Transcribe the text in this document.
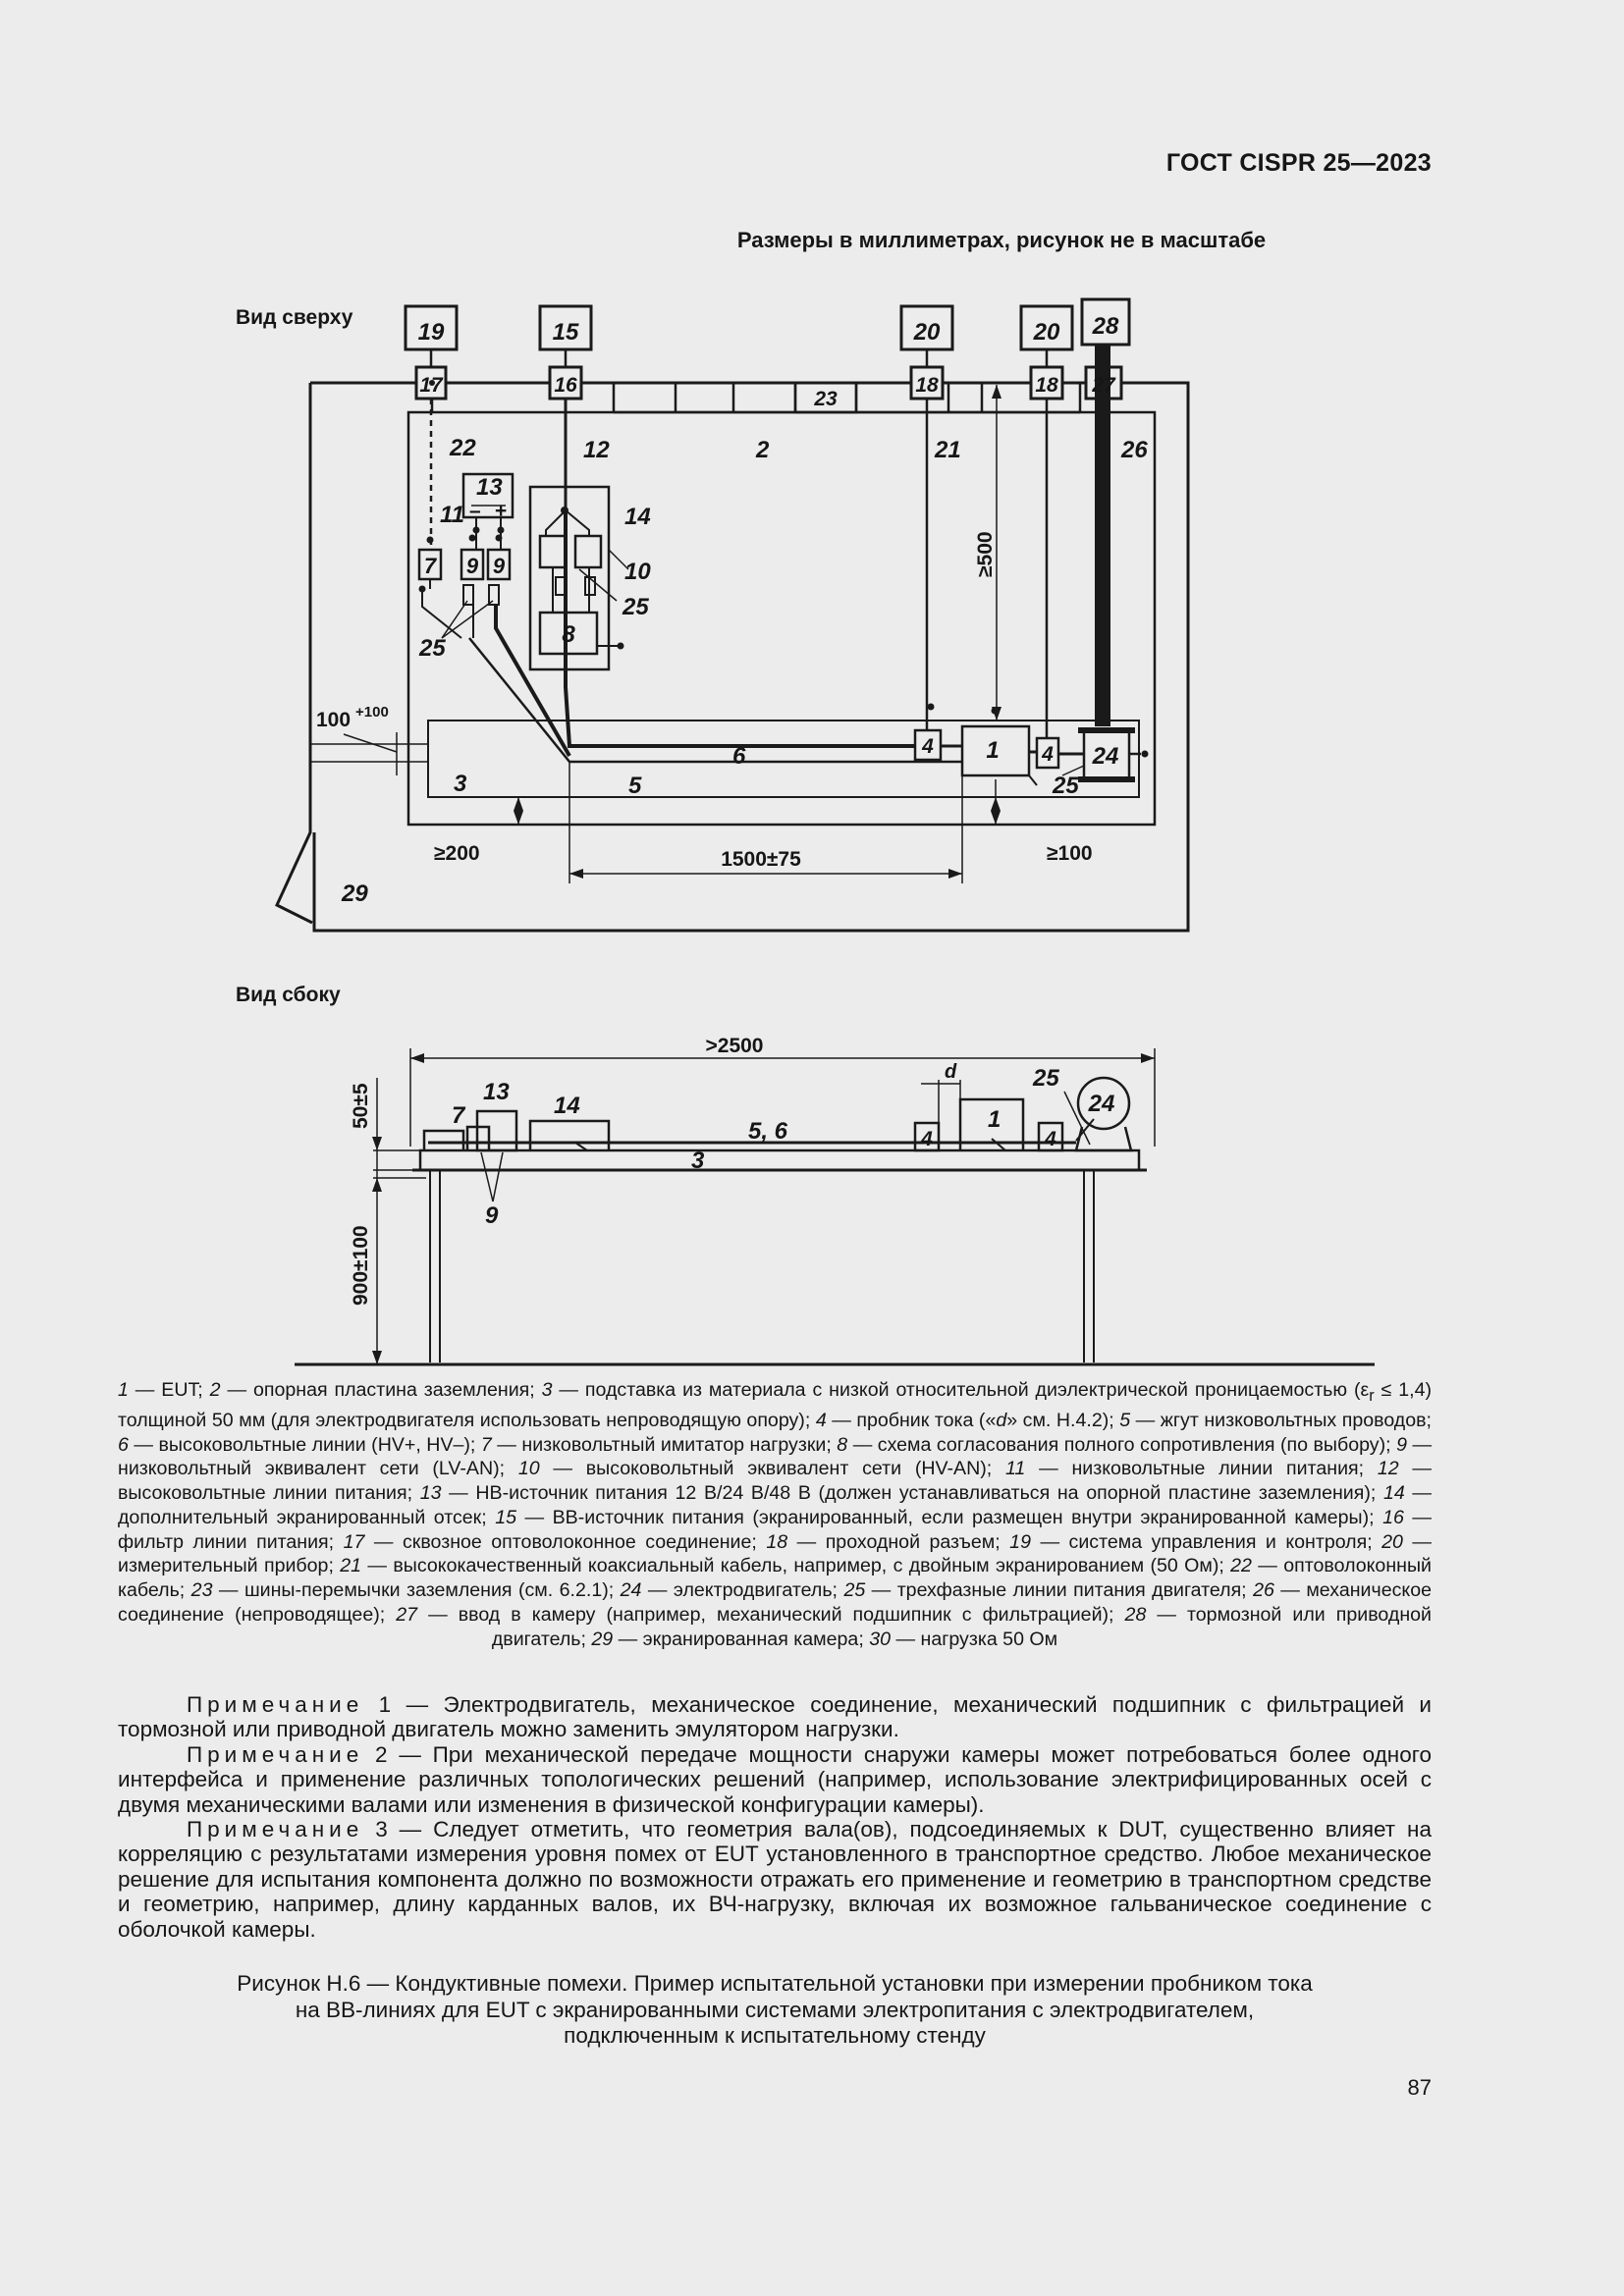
ГОСТ CISPR 25—2023
Размеры в миллиметрах, рисунок не в масштабе
Вид сверху
19	15	20	20 28
17	16
23
18	18 27
22	12	2	21	26
13
– +
11	14
7 9 9	10
25
25
8
4 1 4 24
25
6
3	5
29
≥500
100 +100
≥200	1500±75	≥100
Вид сбоку
7
13
14
5, 6	4
1
4
25
24
3
9
d
>2500
50±5
900±100
1 — EUT; 2 — опорная пластина заземления; 3 — подставка из материала с низкой относительной диэлектрической проницаемостью $(\varepsilon_r \le 1,4)$ толщиной 50 мм (для электродвигателя использовать непроводящую опору); 4 — пробник тока («d» см. H.4.2); 5 — жгут низковольтных проводов; 6 — высоковольтные линии (HV+, HV–); 7 — низковольтный имитатор нагрузки; 8 — схема согласования полного сопротивления (по выбору); 9 — низковольтный эквивалент сети (LV-AN); 10 — высоковольтный эквивалент сети (HV-AN); 11 — низковольтные линии питания; 12 — высоковольтные линии питания; 13 — НВ-источник питания 12 В/24 В/48 В (должен устанавливаться на опорной пластине заземления); 14 — дополнительный экранированный отсек; 15 — ВВ-источник питания (экранированный, если размещен внутри экранированной камеры); 16 — фильтр линии питания; 17 — сквозное оптоволоконное соединение; 18 — проходной разъем; 19 — система управления и контроля; 20 — измерительный прибор; 21 — высококачественный коаксиальный кабель, например, с двойным экранированием (50 Ом); 22 — оптоволоконный кабель; 23 — шины-перемычки заземления (см. 6.2.1); 24 — электродвигатель; 25 — трехфазные линии питания двигателя; 26 — механическое соединение (непроводящее); 27 — ввод в камеру (например, механический подшипник с фильтрацией); 28 — тормозной или приводной двигатель; 29 — экранированная камера; 30 — нагрузка 50 Ом

Примечание 1 — Электродвигатель, механическое соединение, механический подшипник с фильтрацией и тормозной или приводной двигатель можно заменить эмулятором нагрузки.

Примечание 2 — При механической передаче мощности снаружи камеры может потребоваться более одного интерфейса и применение различных топологических решений (например, использование электрифицированных осей с двумя механическими валами или изменения в физической конфигурации камеры).

Примечание 3 — Следует отметить, что геометрия вала(ов), подсоединяемых к DUT, существенно влияет на корреляцию с результатами измерения уровня помех от EUT установленного в транспортное средство. Любое механическое решение для испытания компонента должно по возможности отражать его применение и геометрию в транспортном средстве и геометрию, например, длину карданных валов, их ВЧ-нагрузку, включая их возможное гальваническое соединение с оболочкой камеры.

Рисунок H.6 — Кондуктивные помехи. Пример испытательной установки при измерении пробником тока
на ВВ-линиях для EUT с экранированными системами электропитания с электродвигателем,
подключенным к испытательному стенду
87
